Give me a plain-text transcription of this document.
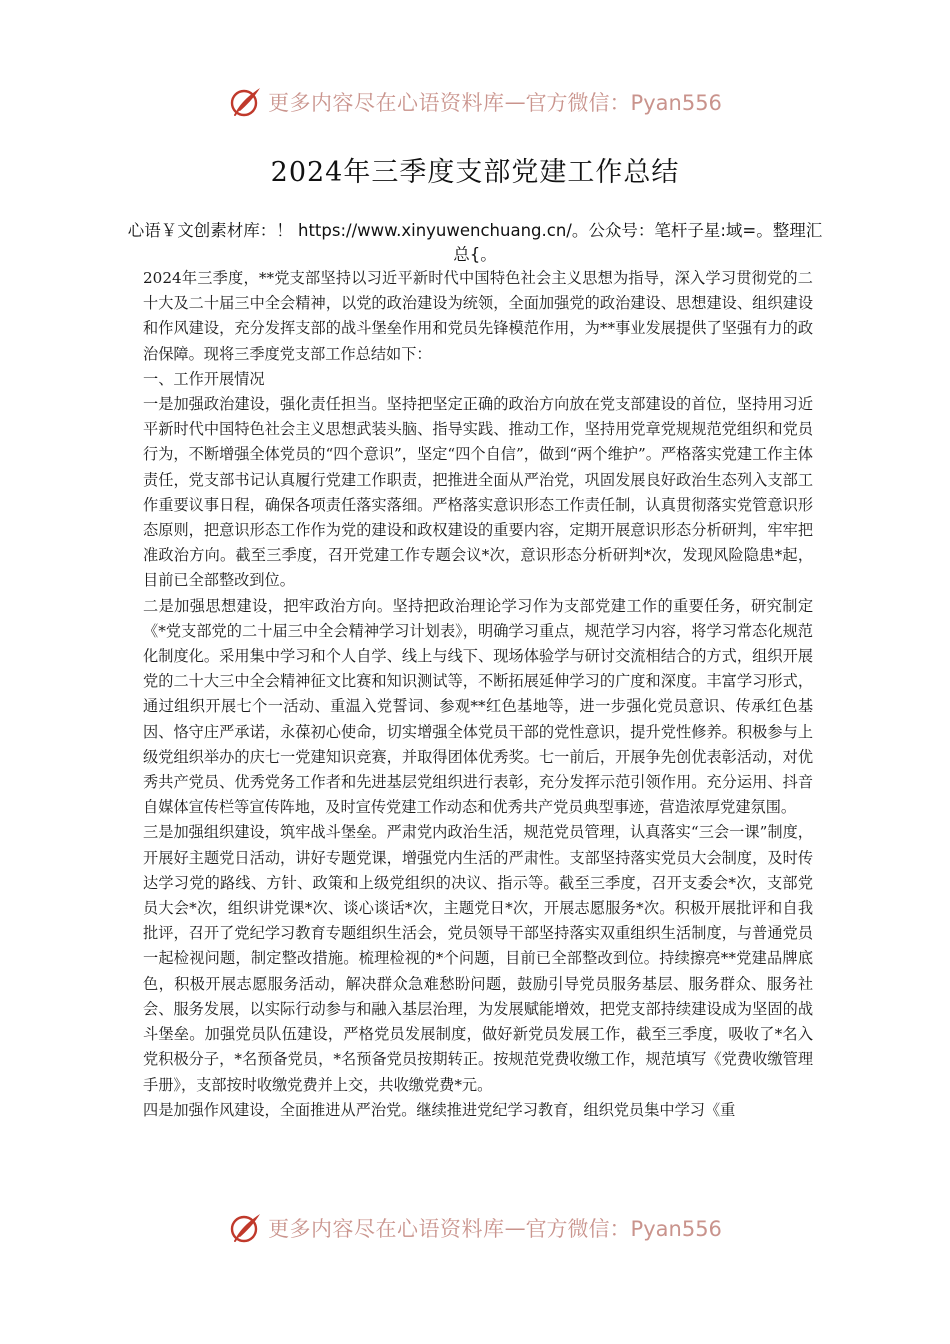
更多内容尽在心语资料库 — 官方微信：Pyan556
2024年三季度支部党建工作总结
心语￥文创素材库：！ https://www.xinyuwenchuang.cn/。公众号：笔杆子星:域=。整理汇总{。

2024年三季度，**党支部坚持以习近平新时代中国特色社会主义思想为指导，深入学习贯彻党的二十大及二十届三中全会精神，以党的政治建设为统领，全面加强党的政治建设、思想建设、组织建设和作风建设，充分发挥支部的战斗堡垒作用和党员先锋模范作用，为**事业发展提供了坚强有力的政治保障。现将三季度党支部工作总结如下：

一、工作开展情况

一是加强政治建设，强化责任担当。坚持把坚定正确的政治方向放在党支部建设的首位，坚持用习近平新时代中国特色社会主义思想武装头脑、指导实践、推动工作，坚持用党章党规规范党组织和党员行为，不断增强全体党员的“四个意识”，坚定“四个自信”，做到“两个维护”。严格落实党建工作主体责任，党支部书记认真履行党建工作职责，把推进全面从严治党，巩固发展良好政治生态列入支部工作重要议事日程，确保各项责任落实落细。严格落实意识形态工作责任制，认真贯彻落实党管意识形态原则，把意识形态工作作为党的建设和政权建设的重要内容，定期开展意识形态分析研判，牢牢把准政治方向。截至三季度，召开党建工作专题会议*次，意识形态分析研判*次，发现风险隐患*起，目前已全部整改到位。

二是加强思想建设，把牢政治方向。坚持把政治理论学习作为支部党建工作的重要任务，研究制定《*党支部党的二十届三中全会精神学习计划表》，明确学习重点，规范学习内容，将学习常态化规范化制度化。采用集中学习和个人自学、线上与线下、现场体验学与研讨交流相结合的方式，组织开展党的二十大三中全会精神征文比赛和知识测试等，不断拓展延伸学习的广度和深度。丰富学习形式，通过组织开展七个一活动、重温入党誓词、参观**红色基地等，进一步强化党员意识、传承红色基因、恪守庄严承诺，永葆初心使命，切实增强全体党员干部的党性意识，提升党性修养。积极参与上级党组织举办的庆七一党建知识竞赛，并取得团体优秀奖。七一前后，开展争先创优表彰活动，对优秀共产党员、优秀党务工作者和先进基层党组织进行表彰，充分发挥示范引领作用。充分运用、抖音自媒体宣传栏等宣传阵地，及时宣传党建工作动态和优秀共产党员典型事迹，营造浓厚党建氛围。

三是加强组织建设，筑牢战斗堡垒。严肃党内政治生活，规范党员管理，认真落实“三会一课”制度，开展好主题党日活动，讲好专题党课，增强党内生活的严肃性。支部坚持落实党员大会制度，及时传达学习党的路线、方针、政策和上级党组织的决议、指示等。截至三季度，召开支委会*次，支部党员大会*次，组织讲党课*次、谈心谈话*次，主题党日*次，开展志愿服务*次。积极开展批评和自我批评，召开了党纪学习教育专题组织生活会，党员领导干部坚持落实双重组织生活制度，与普通党员一起检视问题，制定整改措施。梳理检视的*个问题，目前已全部整改到位。持续擦亮**党建品牌底色，积极开展志愿服务活动，解决群众急难愁盼问题，鼓励引导党员服务基层、服务群众、服务社会、服务发展，以实际行动参与和融入基层治理，为发展赋能增效，把党支部持续建设成为坚固的战斗堡垒。加强党员队伍建设，严格党员发展制度，做好新党员发展工作，截至三季度，吸收了*名入党积极分子，*名预备党员，*名预备党员按期转正。按规范党费收缴工作，规范填写《党费收缴管理手册》，支部按时收缴党费并上交，共收缴党费*元。

四是加强作风建设，全面推进从严治党。继续推进党纪学习教育，组织党员集中学习《重

更多内容尽在心语资料库 — 官方微信：Pyan556
